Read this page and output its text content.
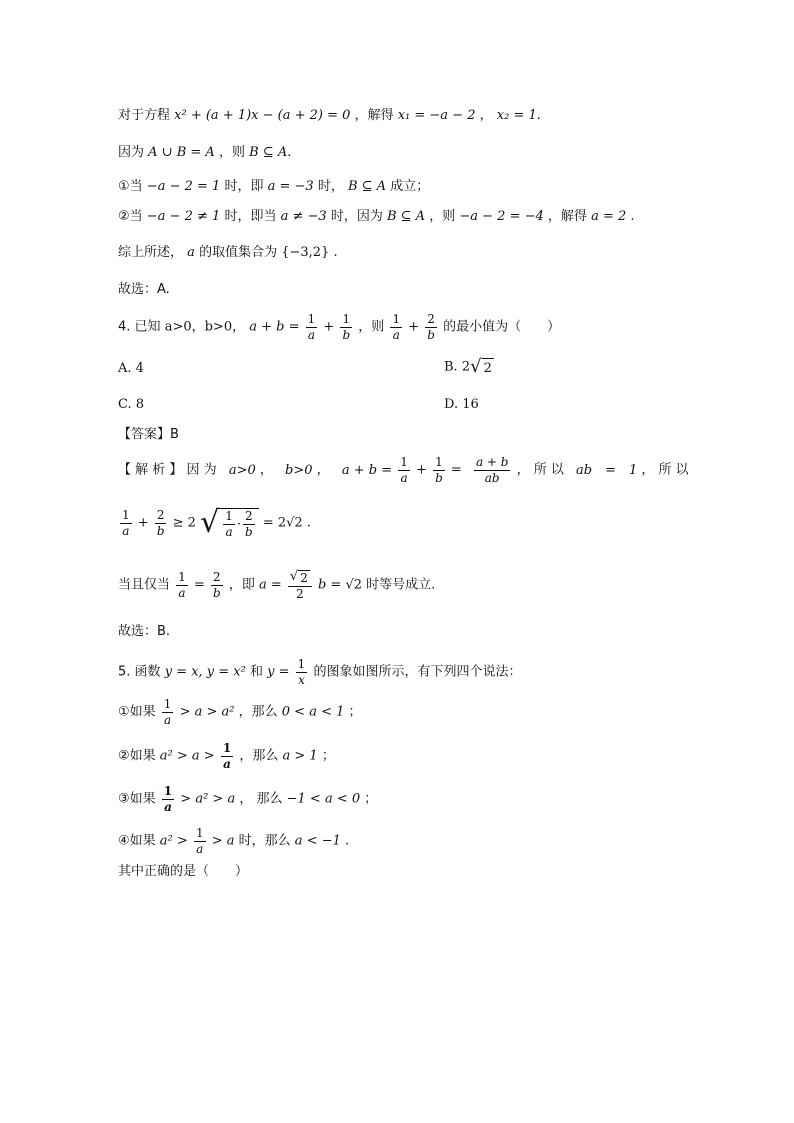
对于方程 x² + (a + 1)x − (a + 2) = 0 ，解得 x₁ = −a − 2 ， x₂ = 1.
因为 A ∪ B = A ，则 B ⊆ A.
①当 −a − 2 = 1 时，即 a = −3 时， B ⊆ A 成立；
②当 −a − 2 ≠ 1 时，即当 a ≠ −3 时，因为 B ⊆ A ，则 −a − 2 = −4 ，解得 a = 2 .
综上所述， a 的取值集合为 {−3,2} .
故选：A.
4. 已知 a>0，b>0， $a + b = \frac{1}{a} + \frac{1}{b}$ ，则 $\frac{1}{a} + \frac{2}{b}$ 的最小值为（　　）
A. 4	B. 2 √ 2
C. 8	D. 16
【答案】B
【 解 析 】 因 为 a>0 ， b>0 ， $a + b = \frac{1}{a} + \frac{1}{b} = \frac{a + b}{ab}$ ， 所 以 ab　=　1 ， 所 以
$\frac{1}{a} + \frac{2}{b} \ge 2$ √ $\frac{1}{a} \cdot \frac{2}{b} = 2√2$ .
当且仅当 $\frac{1}{a} = \frac{2}{b}$ ，即 $a = \frac{√ 2}{2}$ b = √2 时等号成立.
故选：B.
5. 函数 y = x, y = x² 和 $y = \frac{1}{x}$ 的图象如图所示，有下列四个说法：
①如果 $\frac{1}{a} > a > a^2$ ，那么 0 < a < 1 ；
②如果 $a^2 > a > \frac{1}{a}$ ，那么 a > 1 ；
③如果 $\frac{1}{a} > a^2 > a$ ， 那么 −1 < a < 0 ；
④如果 $a^2 > \frac{1}{a} > a$ 时，那么 a < −1 .
其中正确的是（　　）
